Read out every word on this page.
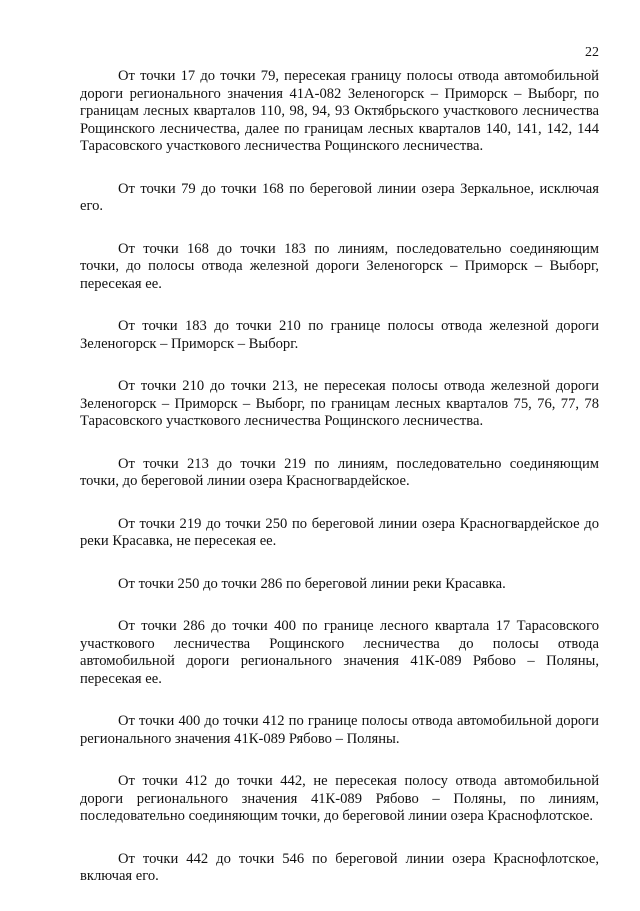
22

От точки 17 до точки 79, пересекая границу полосы отвода автомобильной дороги регионального значения 41А-082 Зеленогорск – Приморск – Выборг, по границам лесных кварталов 110, 98, 94, 93 Октябрьского участкового лесничества Рощинского лесничества, далее по границам лесных кварталов 140, 141, 142, 144 Тарасовского участкового лесничества Рощинского лесничества.

От точки 79 до точки 168 по береговой линии озера Зеркальное, исключая его.

От точки 168 до точки 183 по линиям, последовательно соединяющим точки, до полосы отвода железной дороги Зеленогорск – Приморск – Выборг, пересекая ее.

От точки 183 до точки 210 по границе полосы отвода железной дороги Зеленогорск – Приморск – Выборг.

От точки 210 до точки 213, не пересекая полосы отвода железной дороги Зеленогорск – Приморск – Выборг, по границам лесных кварталов 75, 76, 77, 78 Тарасовского участкового лесничества Рощинского лесничества.

От точки 213 до точки 219 по линиям, последовательно соединяющим точки, до береговой линии озера Красногвардейское.

От точки 219 до точки 250 по береговой линии озера Красногвардейское до реки Красавка, не пересекая ее.

От точки 250 до точки 286 по береговой линии реки Красавка.

От точки 286 до точки 400 по границе лесного квартала 17 Тарасовского участкового лесничества Рощинского лесничества до полосы отвода автомобильной дороги регионального значения 41К-089 Рябово – Поляны, пересекая ее.

От точки 400 до точки 412 по границе полосы отвода автомобильной дороги регионального значения 41К-089 Рябово – Поляны.

От точки 412 до точки 442, не пересекая полосу отвода автомобильной дороги регионального значения 41К-089 Рябово – Поляны, по линиям, последовательно соединяющим точки, до береговой линии озера Краснофлотское.

От точки 442 до точки 546 по береговой линии озера Краснофлотское, включая его.
